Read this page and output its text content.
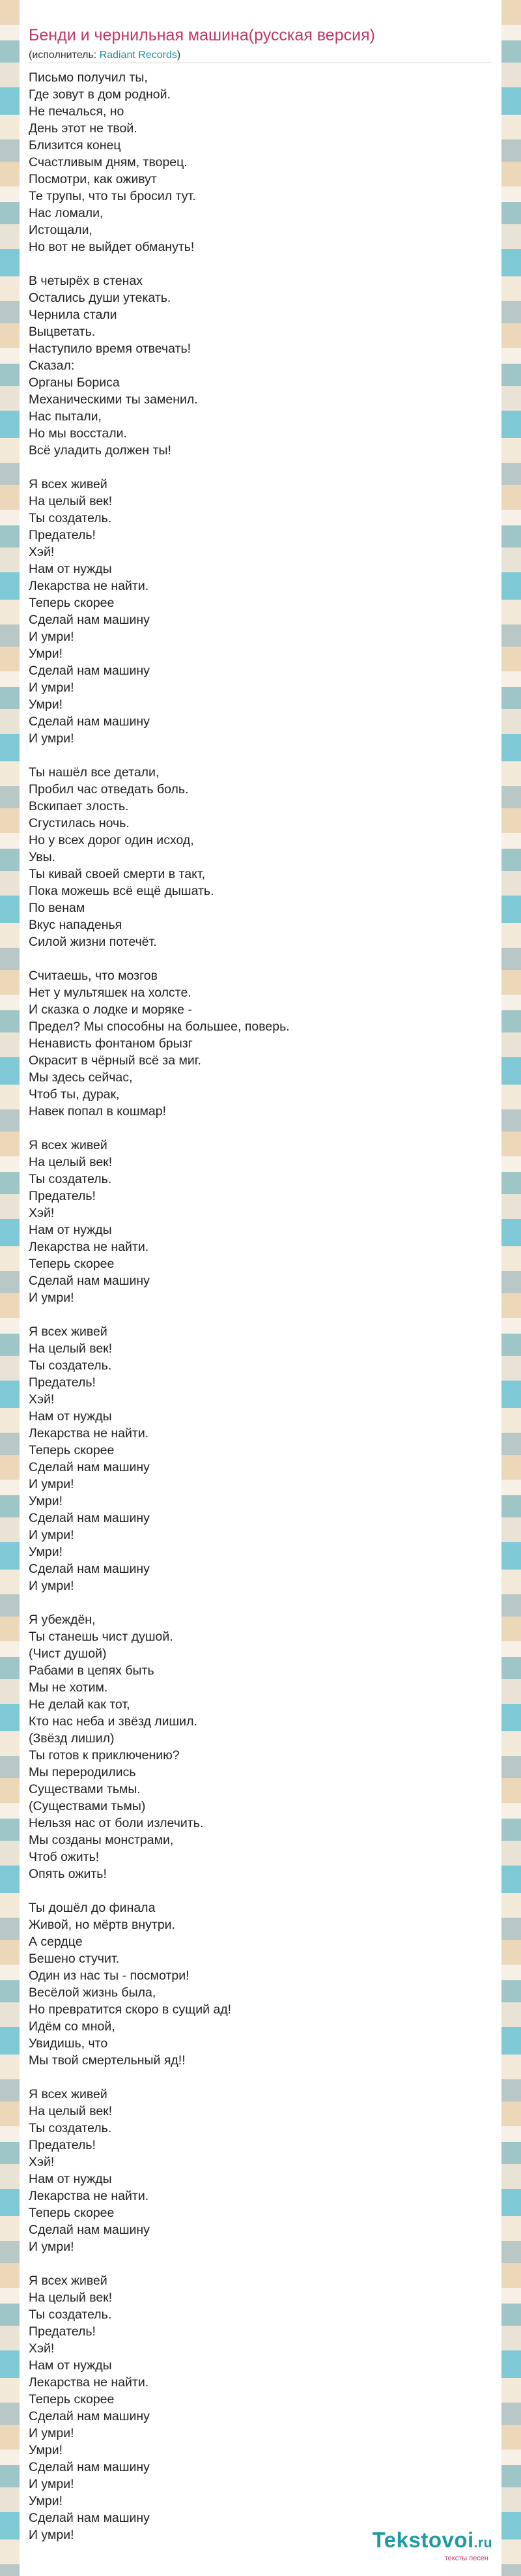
Бенди и чернильная машина(русская версия)
(исполнитель: Radiant Records)
Письмо получил ты,
Где зовут в дом родной.
Не печалься, но
День этот не твой.
Близится конец
Счастливым дням, творец.
Посмотри, как оживут
Те трупы, что ты бросил тут.
Нас ломали,
Истощали,
Но вот не выйдет обмануть!
В четырёх в стенах
Остались души утекать.
Чернила стали
Выцветать.
Наступило время отвечать!
Сказал:
Органы Бориса
Механическими ты заменил.
Нас пытали,
Но мы восстали.
Всё уладить должен ты!
Я всех живей
На целый век!
Ты создатель.
Предатель!
Хэй!
Нам от нужды
Лекарства не найти.
Теперь скорее
Сделай нам машину
И умри!
Умри!
Сделай нам машину
И умри!
Умри!
Сделай нам машину
И умри!
Ты нашёл все детали,
Пробил час отведать боль.
Вскипает злость.
Сгустилась ночь.
Но у всех дорог один исход,
Увы.
Ты кивай своей смерти в такт,
Пока можешь всё ещё дышать.
По венам
Вкус нападенья
Силой жизни потечёт.
Считаешь, что мозгов
Нет у мультяшек на холсте.
И сказка о лодке и моряке -
Предел? Мы способны на большее, поверь.
Ненависть фонтаном брызг
Окрасит в чёрный всё за миг.
Мы здесь сейчас,
Чтоб ты, дурак,
Навек попал в кошмар!
Я всех живей
На целый век!
Ты создатель.
Предатель!
Хэй!
Нам от нужды
Лекарства не найти.
Теперь скорее
Сделай нам машину
И умри!
Я всех живей
На целый век!
Ты создатель.
Предатель!
Хэй!
Нам от нужды
Лекарства не найти.
Теперь скорее
Сделай нам машину
И умри!
Умри!
Сделай нам машину
И умри!
Умри!
Сделай нам машину
И умри!
Я убеждён,
Ты станешь чист душой.
(Чист душой)
Рабами в цепях быть
Мы не хотим.
Не делай как тот,
Кто нас неба и звёзд лишил.
(Звёзд лишил)
Ты готов к приключению?
Мы переродились
Существами тьмы.
(Существами тьмы)
Нельзя нас от боли излечить.
Мы созданы монстрами,
Чтоб ожить!
Опять ожить!
Ты дошёл до финала
Живой, но мёртв внутри.
А сердце
Бешено стучит.
Один из нас ты - посмотри!
Весёлой жизнь была,
Но превратится скоро в сущий ад!
Идём со мной,
Увидишь, что
Мы твой смертельный яд!!
Я всех живей
На целый век!
Ты создатель.
Предатель!
Хэй!
Нам от нужды
Лекарства не найти.
Теперь скорее
Сделай нам машину
И умри!
Я всех живей
На целый век!
Ты создатель.
Предатель!
Хэй!
Нам от нужды
Лекарства не найти.
Теперь скорее
Сделай нам машину
И умри!
Умри!
Сделай нам машину
И умри!
Умри!
Сделай нам машину
И умри!	Tekstovoi.ru
тексты песен
